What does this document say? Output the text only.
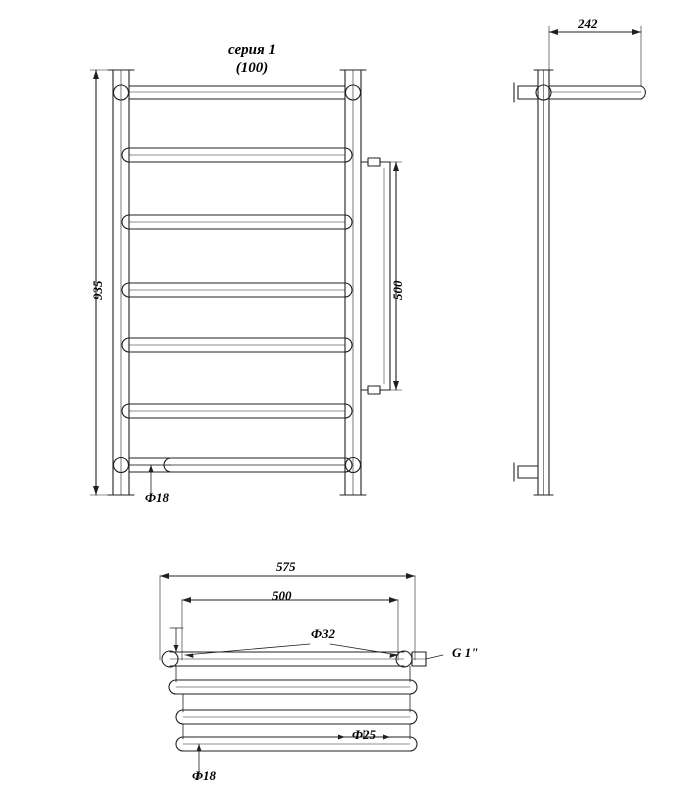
серия 1
(100)
935	500
Ф18
242
575
500
Ф32
G 1"
Ф25
Ф18
